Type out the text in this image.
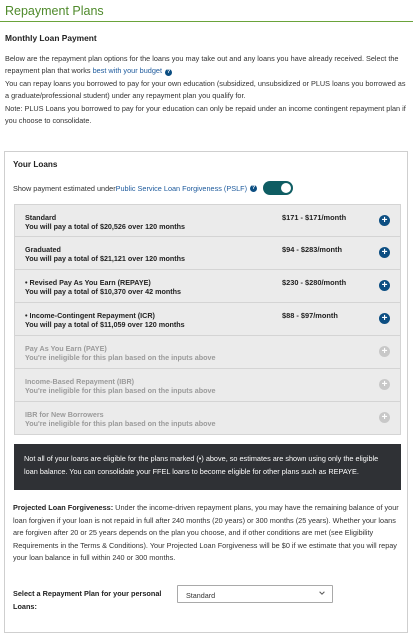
Repayment Plans
Monthly Loan Payment

Below are the repayment plan options for the loans you may take out and any loans you have already received. Select the repayment plan that works best with your budget ?

You can repay loans you borrowed to pay for your own education (subsidized, unsubsidized or PLUS loans you borrowed as a graduate/professional student) under any repayment plan you qualify for.

Note: PLUS Loans you borrowed to pay for your education can only be repaid under an income contingent repayment plan if you choose to consolidate.

Your Loans
Show payment estimated under Public Service Loan Forgiveness (PSLF) ?
Standard
You will pay a total of $20,526 over 120 months
$171 - $171/month	+
Graduated
You will pay a total of $21,121 over 120 months
$94 - $283/month	+
• Revised Pay As You Earn (REPAYE)
You will pay a total of $10,370 over 42 months
$230 - $280/month	+
• Income-Contingent Repayment (ICR)
You will pay a total of $11,059 over 120 months
$88 - $97/month	+
Pay As You Earn (PAYE)
You're ineligible for this plan based on the inputs above
+
Income-Based Repayment (IBR)
You're ineligible for this plan based on the inputs above
+
IBR for New Borrowers
You're ineligible for this plan based on the inputs above
+
Not all of your loans are eligible for the plans marked (•) above, so estimates are shown using only the eligible loan balance. You can consolidate your FFEL loans to become eligible for other plans such as REPAYE.
Projected Loan Forgiveness: Under the income-driven repayment plans, you may have the remaining balance of your loan forgiven if your loan is not repaid in full after 240 months (20 years) or 300 months (25 years). Whether your loans are forgiven after 20 or 25 years depends on the plan you choose, and if other conditions are met (see Eligibility Requirements in the Terms & Conditions). Your Projected Loan Forgiveness will be $0 if we estimate that you will repay your loan balance in full within 240 or 300 months.
Select a Repayment Plan for your personal Loans:
Standard
